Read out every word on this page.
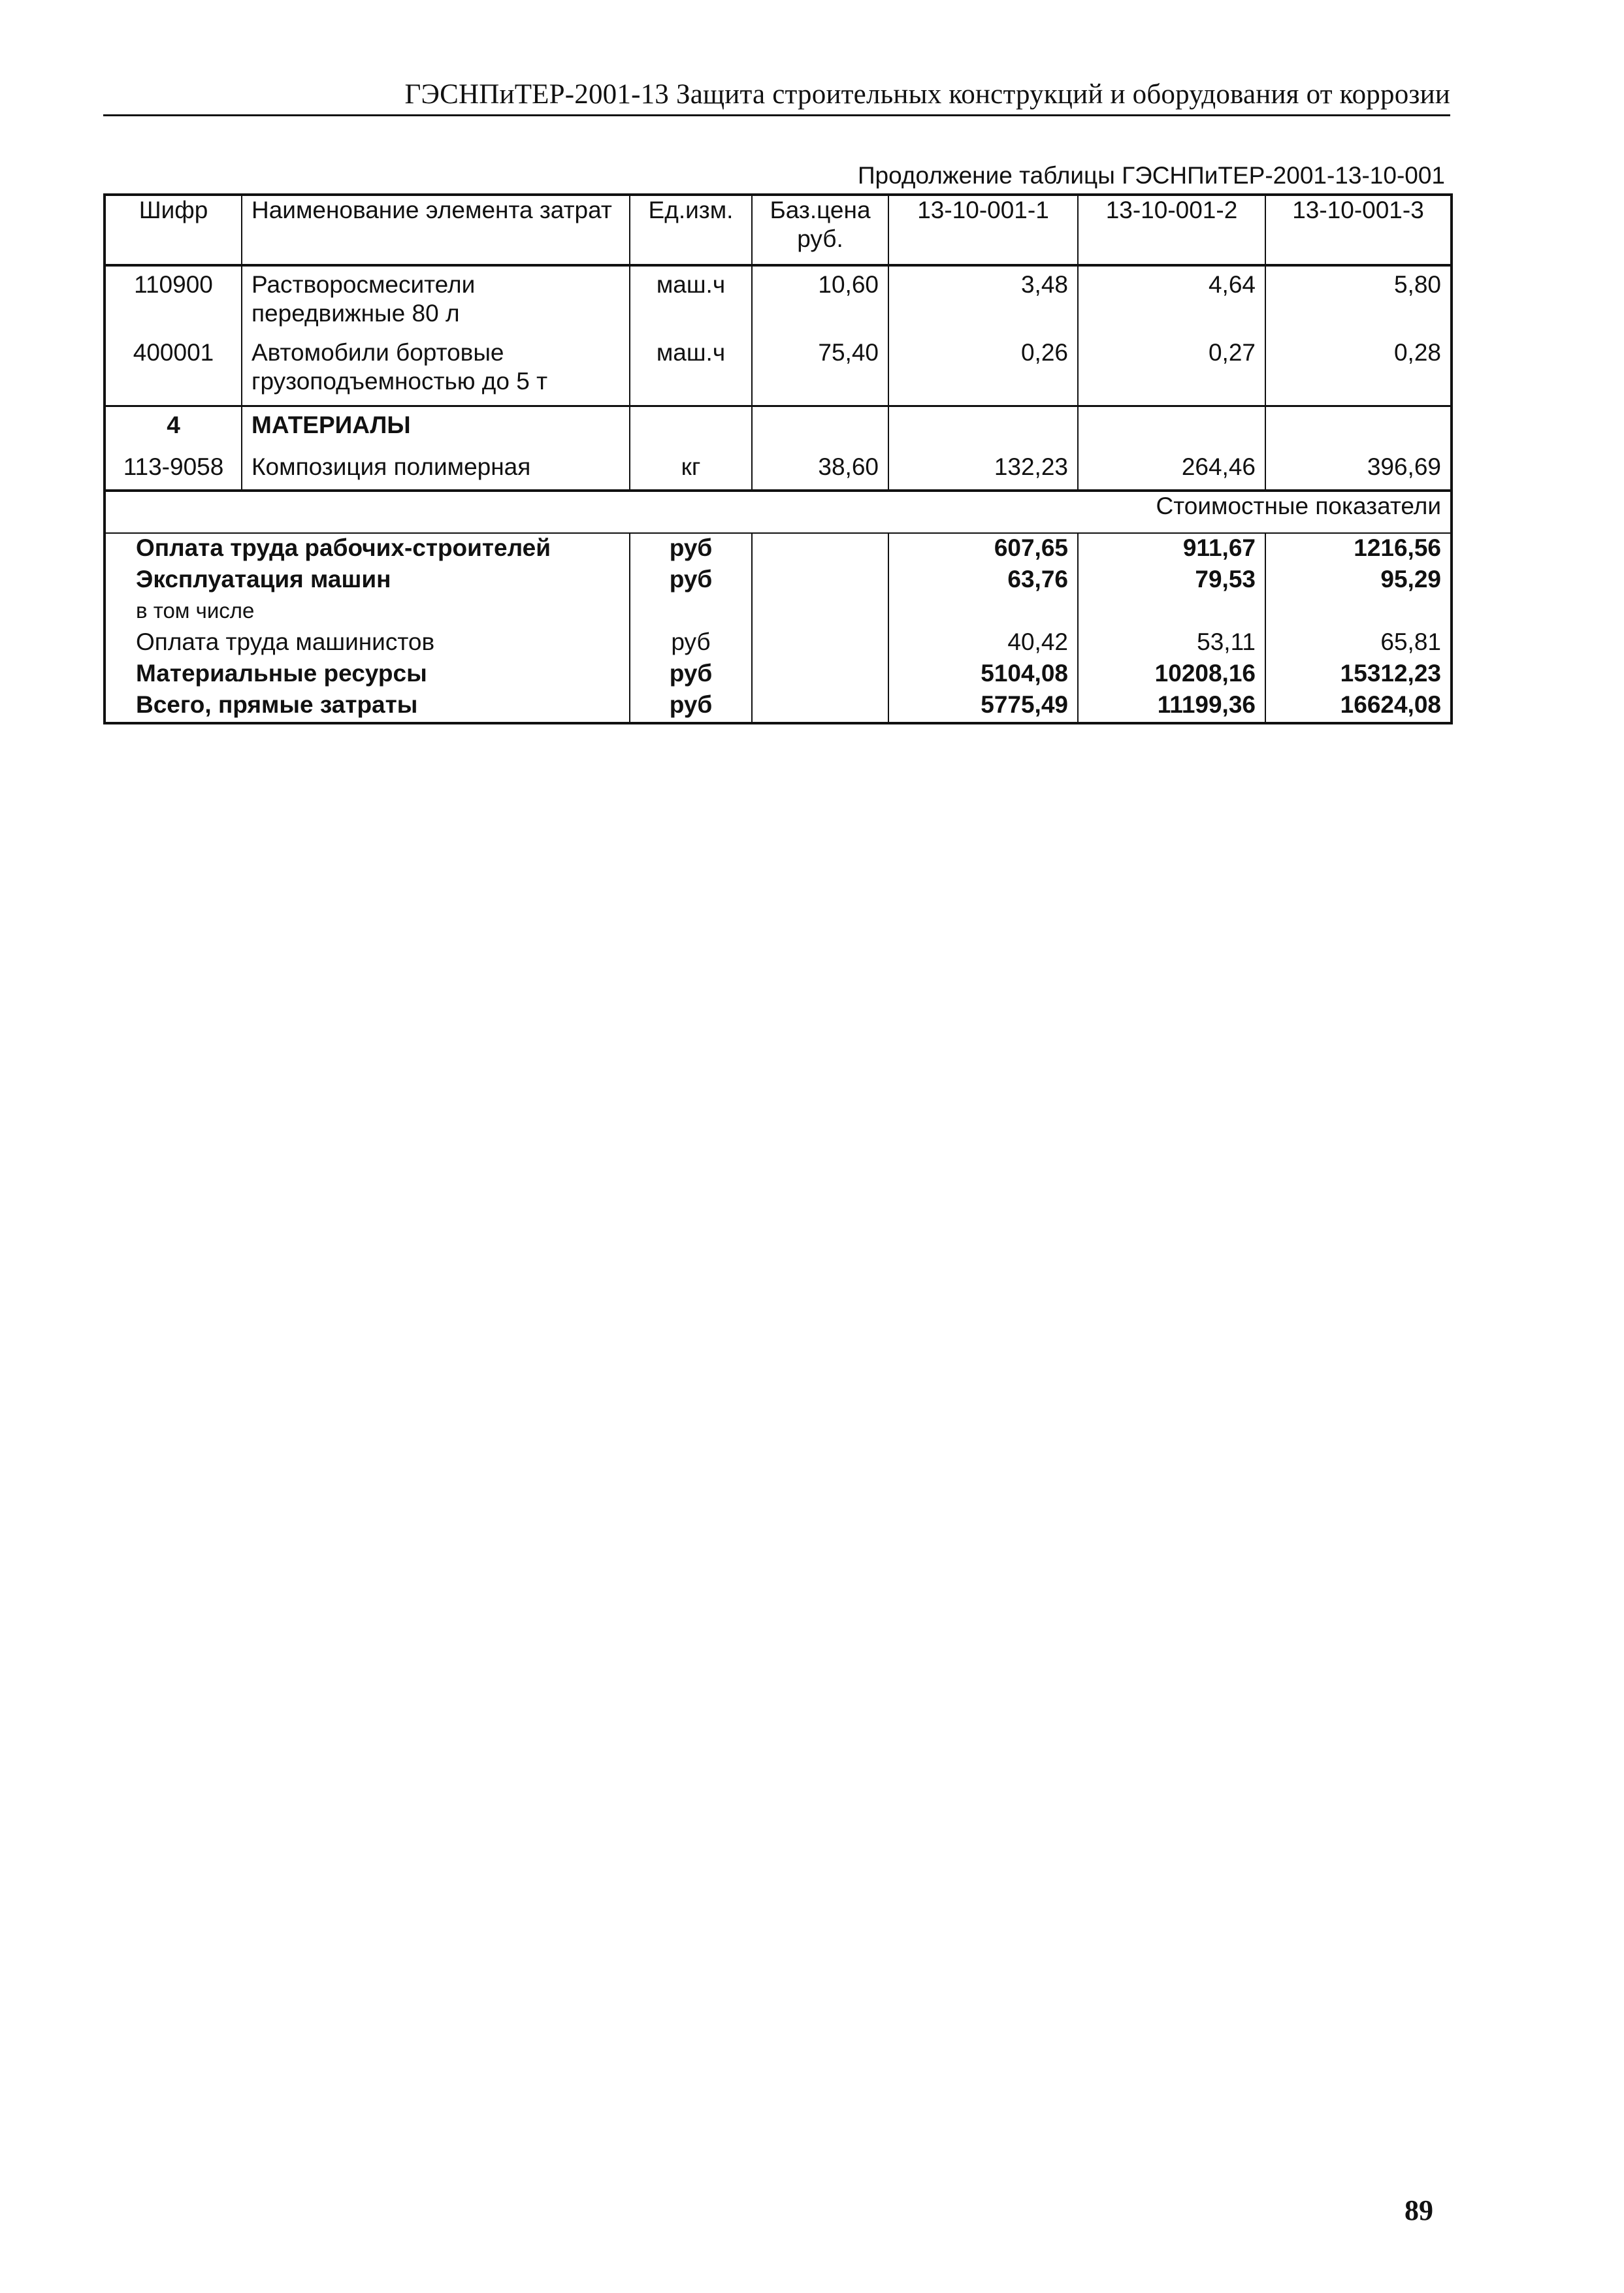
ГЭСНПиТЕР-2001-13 Защита строительных конструкций и оборудования от коррозии
Продолжение таблицы ГЭСНПиТЕР-2001-13-10-001
Шифр	Наименование элемента затрат	Ед.изм.	Баз.цена руб.	13-10-001-1	13-10-001-2	13-10-001-3
110900	Растворосмесители передвижные 80 л	маш.ч	10,60	3,48	4,64	5,80
400001	Автомобили бортовые грузоподъемностью до 5 т	маш.ч	75,40	0,26	0,27	0,28
4	МАТЕРИАЛЫ					
113-9058	Композиция полимерная	кг	38,60	132,23	264,46	396,69
Стоимостные показатели						
Оплата труда рабочих-строителей		руб		607,65	911,67	1216,56
Эксплуатация машин		руб		63,76	79,53	95,29
в том числе						
Оплата труда машинистов		руб		40,42	53,11	65,81
Материальные ресурсы		руб		5104,08	10208,16	15312,23
Всего, прямые затраты		руб		5775,49	11199,36	16624,08
89
